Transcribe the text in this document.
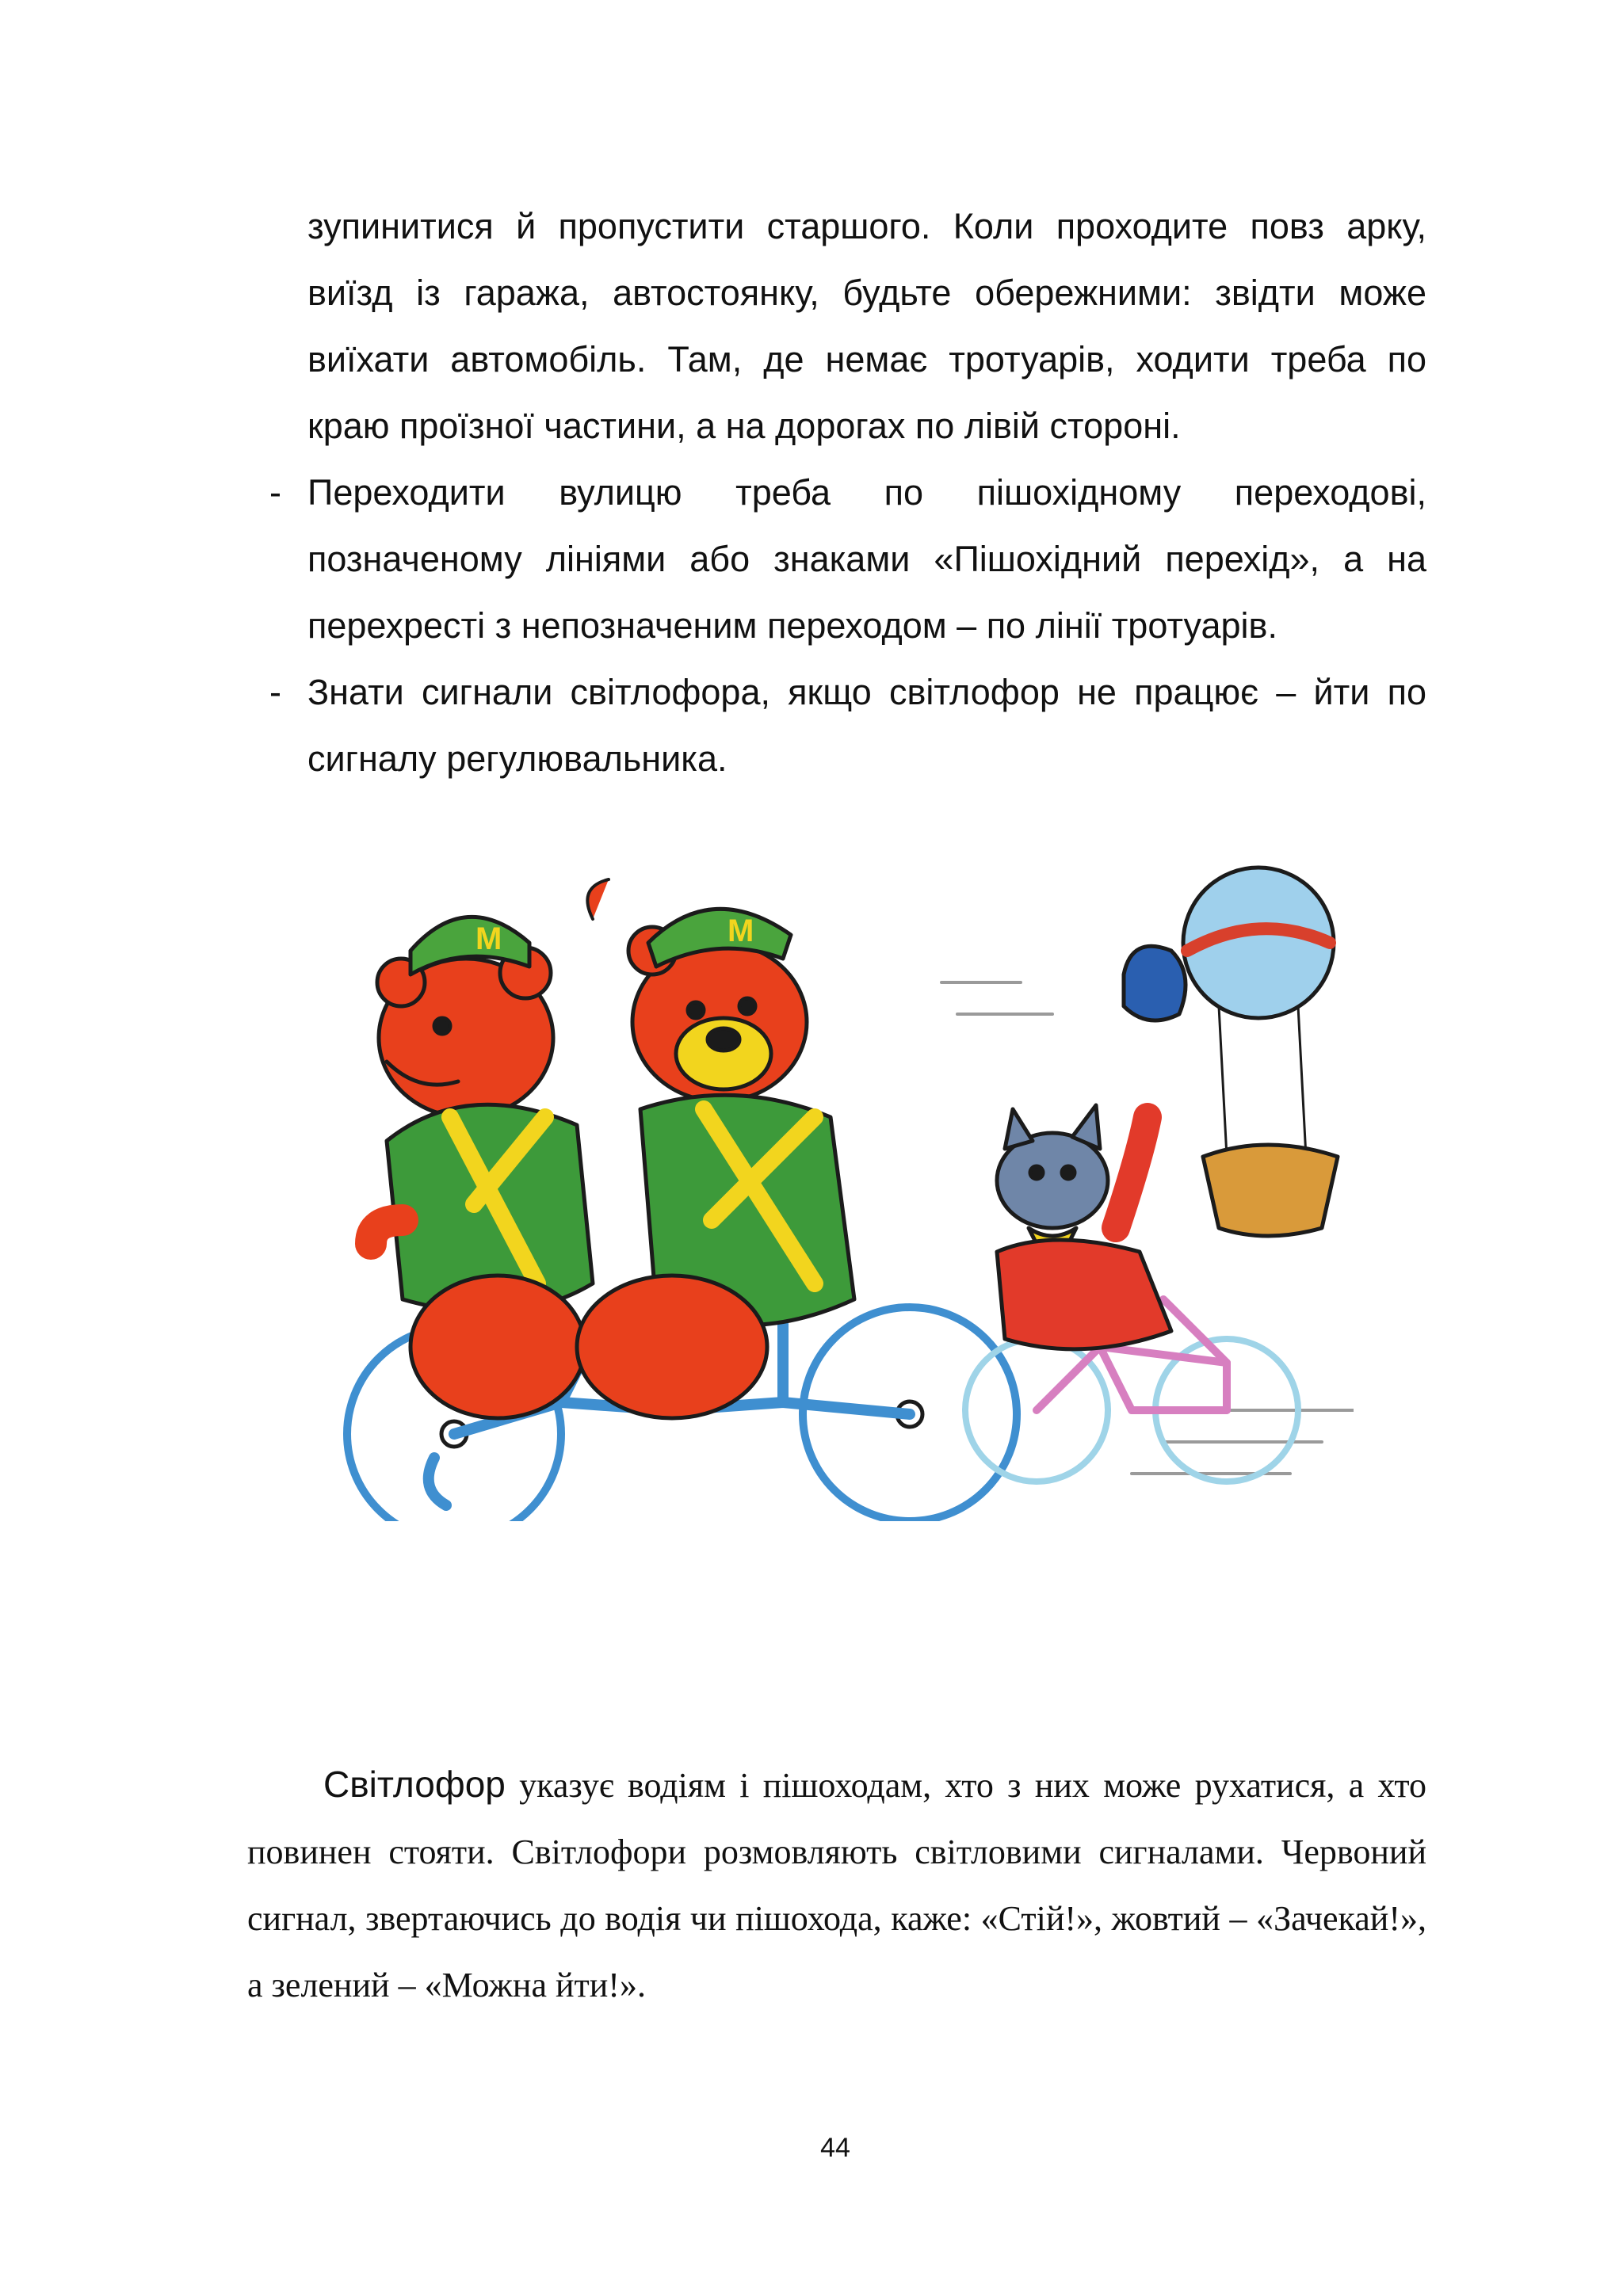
зупинитися й пропустити старшого. Коли проходите повз арку, виїзд із гаража, автостоянку, будьте обережними: звідти може виїхати автомобіль. Там, де немає тротуарів, ходити треба по краю проїзної частини, а на дорогах по лівій стороні.

- Переходити вулицю треба по пішохідному переходові, позначеному лініями або знаками «Пішохідний перехід», а на перехресті з непозначеним переходом – по лінії тротуарів.
- Знати сигнали світлофора, якщо світлофор не працює – йти по сигналу регулювальника.
M	M

Світлофор указує водіям і пішоходам, хто з них може рухатися, а хто повинен стояти. Світлофори розмовляють світловими сигналами. Червоний сигнал, звертаючись до водія чи пішохода, каже: «Стій!», жовтий – «Зачекай!», а зелений – «Можна йти!».

44
